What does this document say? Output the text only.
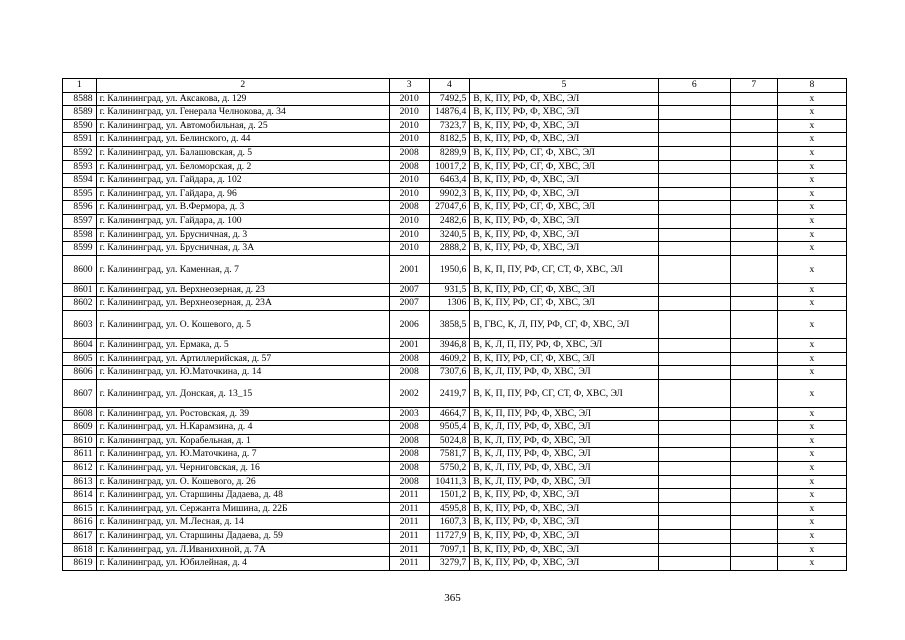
1	2	3	4	5	6	7	8
8588	г. Калининград, ул. Аксакова, д. 129	2010	7492,5	В, К, ПУ, РФ, Ф, ХВС, ЭЛ			х
8589	г. Калининград, ул. Генерала Челнокова, д. 34	2010	14876,4	В, К, ПУ, РФ, Ф, ХВС, ЭЛ			х
8590	г. Калининград, ул. Автомобильная, д. 25	2010	7323,7	В, К, ПУ, РФ, Ф, ХВС, ЭЛ			х
8591	г. Калининград, ул. Белинского, д. 44	2010	8182,5	В, К, ПУ, РФ, Ф, ХВС, ЭЛ			х
8592	г. Калининград, ул. Балашовская, д. 5	2008	8289,9	В, К, ПУ, РФ, СГ, Ф, ХВС, ЭЛ			х
8593	г. Калининград, ул. Беломорская, д. 2	2008	10017,2	В, К, ПУ, РФ, СГ, Ф, ХВС, ЭЛ			х
8594	г. Калининград, ул. Гайдара, д. 102	2010	6463,4	В, К, ПУ, РФ, Ф, ХВС, ЭЛ			х
8595	г. Калининград, ул. Гайдара, д. 96	2010	9902,3	В, К, ПУ, РФ, Ф, ХВС, ЭЛ			х
8596	г. Калининград, ул. В.Фермора, д. 3	2008	27047,6	В, К, ПУ, РФ, СГ, Ф, ХВС, ЭЛ			х
8597	г. Калининград, ул. Гайдара, д. 100	2010	2482,6	В, К, ПУ, РФ, Ф, ХВС, ЭЛ			х
8598	г. Калининград, ул. Брусничная, д. 3	2010	3240,5	В, К, ПУ, РФ, Ф, ХВС, ЭЛ			х
8599	г. Калининград, ул. Брусничная, д. 3А	2010	2888,2	В, К, ПУ, РФ, Ф, ХВС, ЭЛ			х
8600	г. Калининград, ул. Каменная, д. 7	2001	1950,6	В, К, П, ПУ, РФ, СГ, СТ, Ф, ХВС, ЭЛ			х
8601	г. Калининград, ул. Верхнеозерная, д. 23	2007	931,5	В, К, ПУ, РФ, СГ, Ф, ХВС, ЭЛ			х
8602	г. Калининград, ул. Верхнеозерная, д. 23А	2007	1306	В, К, ПУ, РФ, СГ, Ф, ХВС, ЭЛ			х
8603	г. Калининград, ул. О. Кошевого, д. 5	2006	3858,5	В, ГВС, К, Л, ПУ, РФ, СГ, Ф, ХВС, ЭЛ			х
8604	г. Калининград, ул. Ермака, д. 5	2001	3946,8	В, К, Л, П, ПУ, РФ, Ф, ХВС, ЭЛ			х
8605	г. Калининград, ул. Артиллерийская, д. 57	2008	4609,2	В, К, ПУ, РФ, СГ, Ф, ХВС, ЭЛ			х
8606	г. Калининград, ул. Ю.Маточкина, д. 14	2008	7307,6	В, К, Л, ПУ, РФ, Ф, ХВС, ЭЛ			х
8607	г. Калининград, ул. Донская, д. 13_15	2002	2419,7	В, К, П, ПУ, РФ, СГ, СТ, Ф, ХВС, ЭЛ			х
8608	г. Калининград, ул. Ростовская, д. 39	2003	4664,7	В, К, П, ПУ, РФ, Ф, ХВС, ЭЛ			х
8609	г. Калининград, ул. Н.Карамзина, д. 4	2008	9505,4	В, К, Л, ПУ, РФ, Ф, ХВС, ЭЛ			х
8610	г. Калининград, ул. Корабельная, д. 1	2008	5024,8	В, К, Л, ПУ, РФ, Ф, ХВС, ЭЛ			х
8611	г. Калининград, ул. Ю.Маточкина, д. 7	2008	7581,7	В, К, Л, ПУ, РФ, Ф, ХВС, ЭЛ			х
8612	г. Калининград, ул. Черниговская, д. 16	2008	5750,2	В, К, Л, ПУ, РФ, Ф, ХВС, ЭЛ			х
8613	г. Калининград, ул. О. Кошевого, д. 26	2008	10411,3	В, К, Л, ПУ, РФ, Ф, ХВС, ЭЛ			х
8614	г. Калининград, ул. Старшины Дадаева, д. 48	2011	1501,2	В, К, ПУ, РФ, Ф, ХВС, ЭЛ			х
8615	г. Калининград, ул. Сержанта Мишина, д. 22Б	2011	4595,8	В, К, ПУ, РФ, Ф, ХВС, ЭЛ			х
8616	г. Калининград, ул. М.Лесная, д. 14	2011	1607,3	В, К, ПУ, РФ, Ф, ХВС, ЭЛ			х
8617	г. Калининград, ул. Старшины Дадаева, д. 59	2011	11727,9	В, К, ПУ, РФ, Ф, ХВС, ЭЛ			х
8618	г. Калининград, ул. Л.Иванихиной, д. 7А	2011	7097,1	В, К, ПУ, РФ, Ф, ХВС, ЭЛ			х
8619	г. Калининград, ул. Юбилейная, д. 4	2011	3279,7	В, К, ПУ, РФ, Ф, ХВС, ЭЛ			х
365
